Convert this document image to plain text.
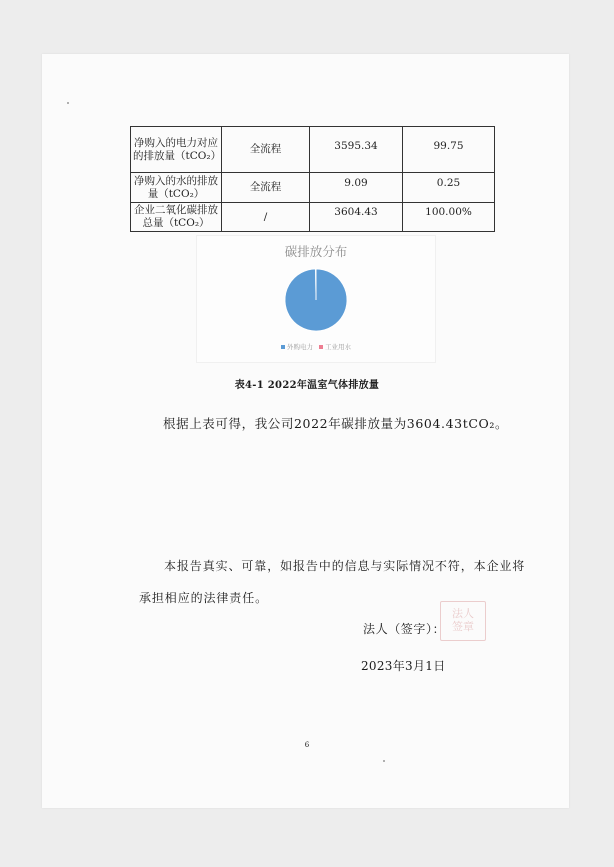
净购入的电力对应的排放量（tCO₂）	全流程	3595.34	99.75
净购入的水的排放量（tCO₂）	全流程	9.09	0.25
企业二氧化碳排放总量（tCO₂）	/	3604.43	100.00%
碳排放分布
外购电力 工业用水
表4-1 2022年温室气体排放量
根据上表可得，我公司2022年碳排放量为3604.43tCO₂。
本报告真实、可靠，如报告中的信息与实际情况不符，本企业将
承担相应的法律责任。
法人（签字）：
法人
签章
2023年3月1日
6
